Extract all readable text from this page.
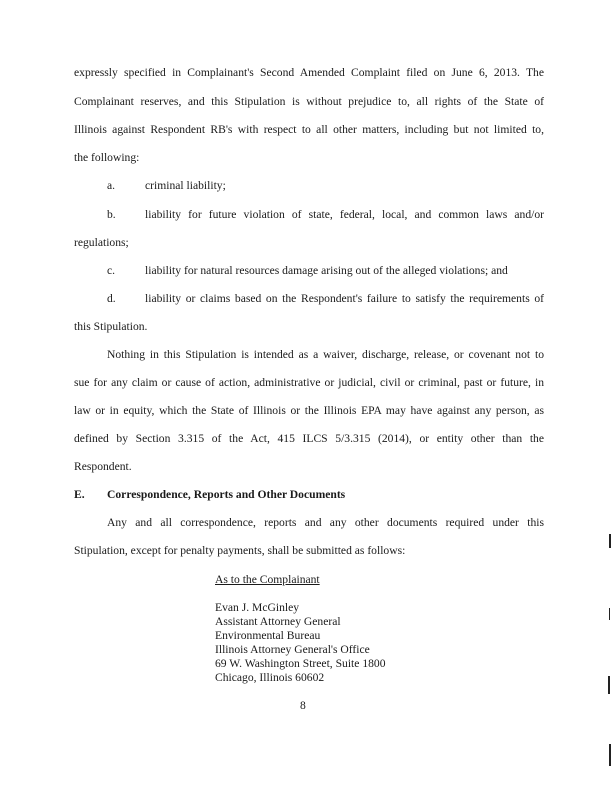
expressly specified in Complainant's Second Amended Complaint filed on June 6, 2013. The
Complainant reserves, and this Stipulation is without prejudice to, all rights of the State of
Illinois against Respondent RB's with respect to all other matters, including but not limited to,
the following:
a.	criminal liability;
b.	liability for future violation of state, federal, local, and common laws and/or
regulations;
c.	liability for natural resources damage arising out of the alleged violations; and
d.	liability or claims based on the Respondent's failure to satisfy the requirements of
this Stipulation.
Nothing in this Stipulation is intended as a waiver, discharge, release, or covenant not to
sue for any claim or cause of action, administrative or judicial, civil or criminal, past or future, in
law or in equity, which the State of Illinois or the Illinois EPA may have against any person, as
defined by Section 3.315 of the Act, 415 ILCS 5/3.315 (2014), or entity other than the
Respondent.
E. Correspondence, Reports and Other Documents
Any and all correspondence, reports and any other documents required under this
Stipulation, except for penalty payments, shall be submitted as follows:
As to the Complainant
Evan J. McGinley
Assistant Attorney General
Environmental Bureau
Illinois Attorney General's Office
69 W. Washington Street, Suite 1800
Chicago, Illinois 60602
8
